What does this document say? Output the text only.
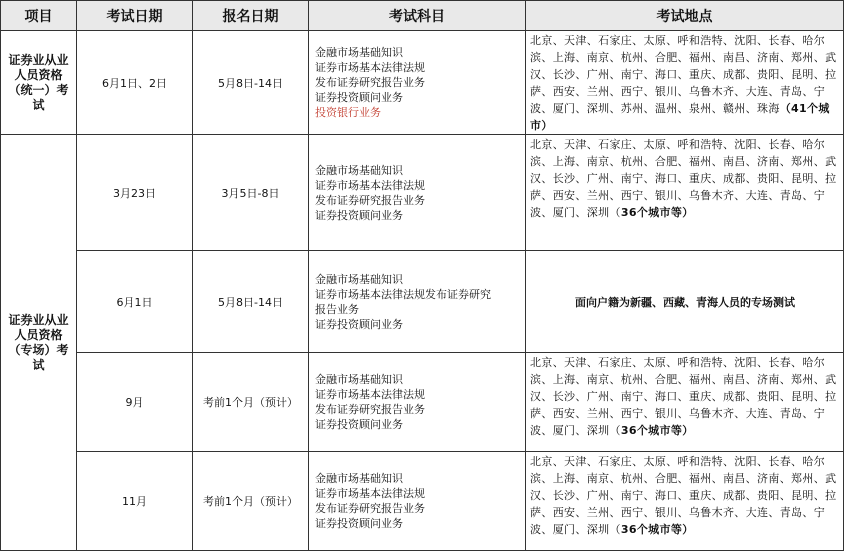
项目	考试日期	报名日期	考试科目	考试地点

证券业从业
人员资格
（统一）考
试	6月1日、2日	5月8日-14日	金融市场基础知识
证券市场基本法律法规
发布证券研究报告业务
证券投资顾问业务
投资银行业务	北京、天津、石家庄、太原、呼和浩特、沈阳、长春、哈尔滨、上海、南京、杭州、合肥、福州、南昌、济南、郑州、武汉、长沙、广州、南宁、海口、重庆、成都、贵阳、昆明、拉萨、西安、兰州、西宁、银川、乌鲁木齐、大连、青岛、宁波、厦门、深圳、苏州、温州、泉州、赣州、珠海（41个城市）

证券业从业
人员资格
（专场）考
试	3月23日	3月5日-8日	金融市场基础知识
证券市场基本法律法规
发布证券研究报告业务
证券投资顾问业务	北京、天津、石家庄、太原、呼和浩特、沈阳、长春、哈尔滨、上海、南京、杭州、合肥、福州、南昌、济南、郑州、武汉、长沙、广州、南宁、海口、重庆、成都、贵阳、昆明、拉萨、西安、兰州、西宁、银川、乌鲁木齐、大连、青岛、宁波、厦门、深圳（36个城市等）
	6月1日	5月8日-14日	金融市场基础知识
证券市场基本法律法规发布证券研究
报告业务
证券投资顾问业务	面向户籍为新疆、西藏、青海人员的专场测试
	9月	考前1个月（预计）	金融市场基础知识
证券市场基本法律法规
发布证券研究报告业务
证券投资顾问业务	北京、天津、石家庄、太原、呼和浩特、沈阳、长春、哈尔滨、上海、南京、杭州、合肥、福州、南昌、济南、郑州、武汉、长沙、广州、南宁、海口、重庆、成都、贵阳、昆明、拉萨、西安、兰州、西宁、银川、乌鲁木齐、大连、青岛、宁波、厦门、深圳（36个城市等）
	11月	考前1个月（预计）	金融市场基础知识
证券市场基本法律法规
发布证券研究报告业务
证券投资顾问业务	北京、天津、石家庄、太原、呼和浩特、沈阳、长春、哈尔滨、上海、南京、杭州、合肥、福州、南昌、济南、郑州、武汉、长沙、广州、南宁、海口、重庆、成都、贵阳、昆明、拉萨、西安、兰州、西宁、银川、乌鲁木齐、大连、青岛、宁波、厦门、深圳（36个城市等）
